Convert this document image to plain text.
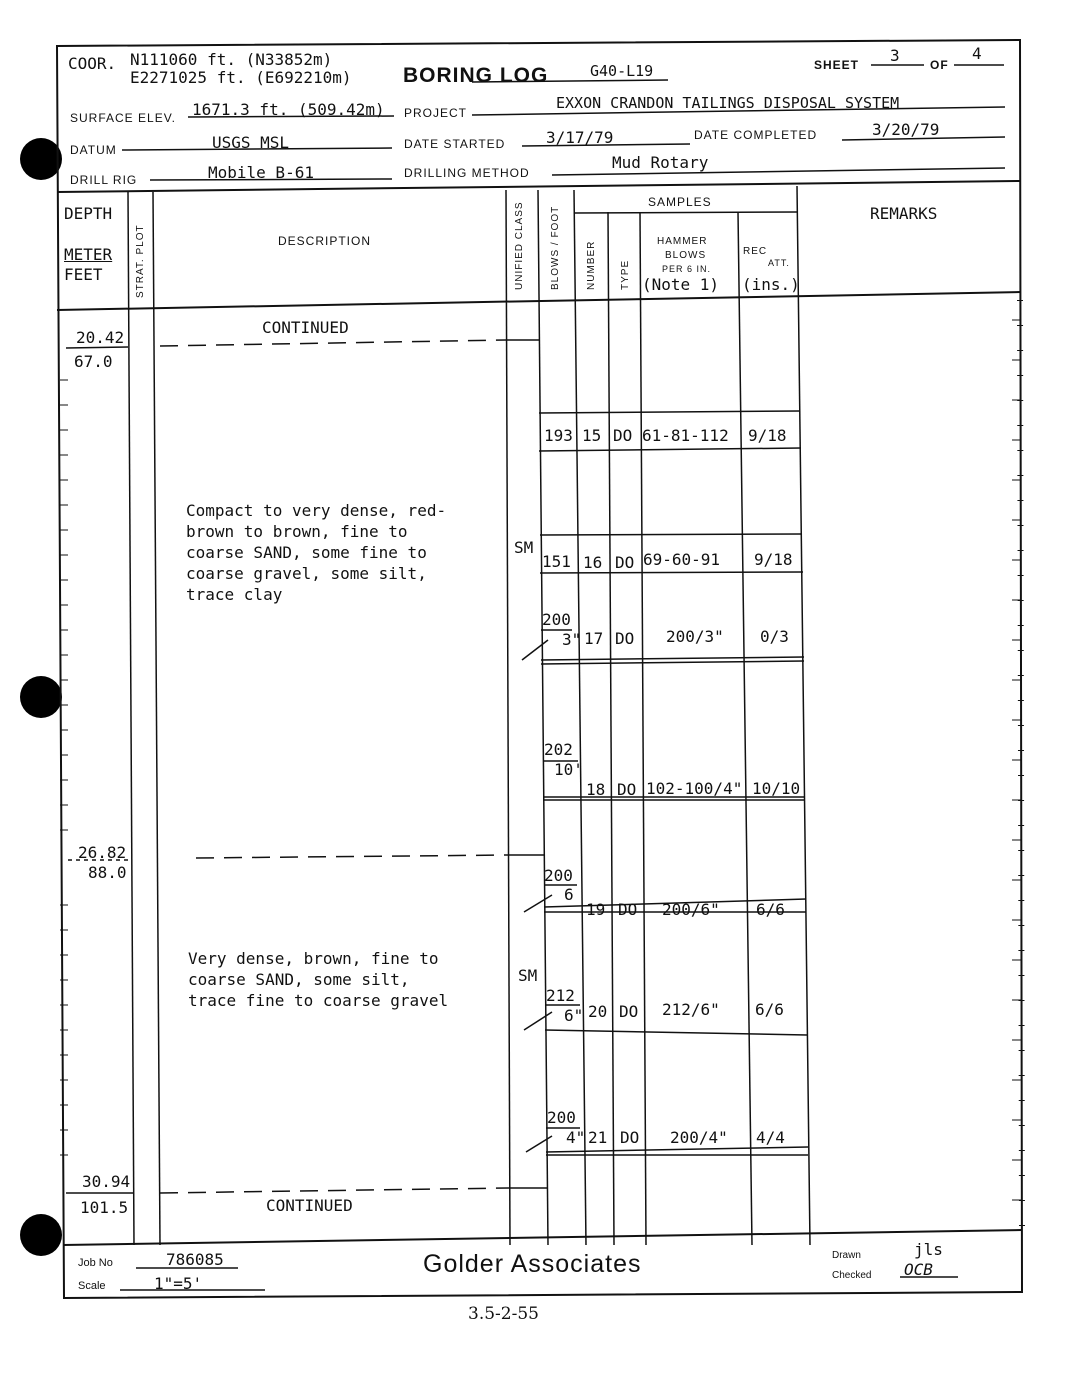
COOR. N111060 ft. (N33852m)
E2271025 ft. (E692210m) BORING LOG	G40-L19	SHEET 3	OF
4
SURFACE ELEV. 1671.3 ft. (509.42m) PROJECT
EXXON CRANDON TAILINGS DISPOSAL SYSTEM
DATUM	USGS MSL	DATE STARTED	3/17/79	DATE COMPLETED	3/20/79
DRILL RIG	Mobile B-61	DRILLING METHOD
Mud Rotary
DEPTH
METER
FEET	STRAT. PLOT	DESCRIPTION	UNIFIED CLASS	BLOWS / FOOT
SAMPLES
NUMBER TYPE
HAMMER
BLOWS
PER 6 IN.
(Note 1)
REC
ATT.
(ins.)
REMARKS
CONTINUED
20.42
67.0
26.82
88.0
30.94
101.5	CONTINUED
Compact to very dense, red-
brown to brown, fine to
coarse SAND, some fine to
coarse gravel, some silt,
trace clay
SM
Very dense, brown, fine to
coarse SAND, some silt,
trace fine to coarse gravel
SM
193 15 DO 61-81-112 9/18
151 16 DO 69-60-91 9/18
200
3" 17 DO 200/3" 0/3
202
10'
18 DO 102-100/4" 10/10
200
6
19 DO 200/6" 6/6
212
6" 20 DO 212/6" 6/6
200
4" 21 DO 200/4" 4/4
Job No	786085
Scale	1"=5'
Golder Associates	Drawn	jls
Checked OCB
3.5-2-55
